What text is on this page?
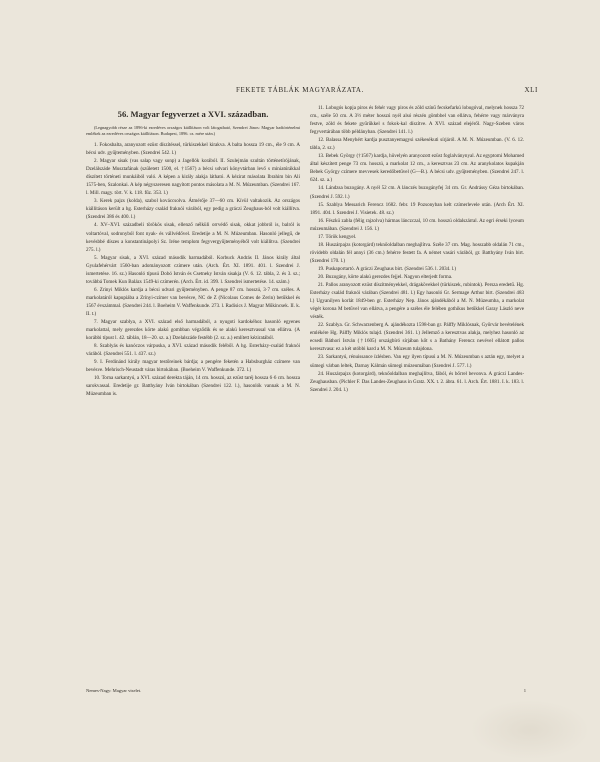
FEKETE TÁBLÁK MAGYARÁZATA.	XLI
56. Magyar fegyverzet a XVI. században.

(Legnagyobb része az 1896-ki ezredéves országos kiállításon volt látogatható, Szendrei János: Magyar hadtörténelmi emlékek az ezredéves országos kiállításon. Budapest, 1896. cz. mére után.)

1. Fokosbalta, aranyozott ezüst díszítéssel, türkiszekkel kirakva. A balta hossza 19 cm., éle 9 cm. A bécsi udv. gyűjteményben. (Szendrei 542. l.)

2. Magyar sisak (vas salap vagy sonp) a Jagellók korából. II. Szulejmán szultán történetírójának, Dzelálszáde Musztafának (született 1500, el. †1567) a bécsi udvari könyvtárban levő s miniatúrákkal díszített történeti munkáiból való. A képen a király alakja látható. A kézirat másolata Ibrahim bin Ali 1575-ben, Szalonkai. A kép négyszeresen nagyított pontos másolata a M. N. Múzeumban. (Szendrei 167. l. Mill. magy. tört. V. k. 118. fűz. 353. l.)

3. Kerek pajzs (kolda), szabol kováccsolva. Átmérője 37—60 cm. Kívül valtakozik. Az országos kiállításon került a hg. Esterházy család fraknói várából, egy pedig a gráczi Zeughaus-ból volt kiállítva. (Szendrei 386 és 400. l.)

4. XV–XVI. századbeli törökös sisak, ellenző nélküli orrvédő sisak, okkat jobbról is, balról is voltartóval, sodronyból font nyak- és vállvédővel. Eredetije a M. N. Múzeumban. Hasonló jellegű, de kevésbbé díszes a konstantinápolyi Sz. Iréne templom fegyvergyűjteményéből volt kiállítva. (Szendrei 275. l.)

5. Magyar sisak, a XVI. század második harmadából. Korbuck András II. János király által Gyulafehérvárt 1560-ban adományozott czímere után. (Arch. Ért. XI. 1891. 401. l. Szendrei J. ismertetése. 16. sz.) Hasonló típusú Dobó István és Csetneky István sisakja (V. 6. 12. tábla, 2. és 3. sz.; továbbá Tomek Kun Balázs 1549-ki czímerén. (Arch. Ért. id. 399. l. Szendrei ismertetése. 14. szám.)

6. Zrinyi Miklós kardja a bécsi udvari gyűjteményben. A penge 87 cm. hosszú, 3·7 cm. széles. A markolatáról kapupiába a Zrínyi-czímer van bevésve, NC de Z (Nicolaus Comes de Zerin) betűkkel és 1567 évszámmal. (Szendrei 244. l. Boeheim V. Waffenkunde. 273. l. Radisics J. Magyar Műkincsek. II. k. II. t.)

7. Magyar szablya, a XVI. század első harmadából, a nyugoti kardokéhoz hasonló egyenes markolattal, mely gerezdes körte alakú gombban végződik és se alakú keresztvassal van ellátva. (A korábbi típust l. 42. táblán, 18—20. sz. a.) Dzelalszáde festébb (2. sz. a.) említett kéziratából.

8. Szablyás és kanóczos várpuska, a XVI. század második feléből. A hg. Esterházy-család fraknói várából. (Szendrei 551. l. 437. sz.)

9. I. Ferdinánd király magyar testőreinek bárdja; a pengére feketén a Habsburgház czímere van bevésve. Mehrisch-Neustadt váras birtokában. (Boeheim V. Waffenkunde. 372. l.)

10. Torna sarkantyú, a XVI. század derekta táján, 14 cm. hosszú, az ezüst taréj hossza 6·6 cm. hossza sarokvassal. Eredetije gr. Batthyány Iván birtokában (Szendrei 122. l.), hasonlók vannak a M. N. Múzeumban is.

11. Lobogós kopja piros és fehér vagy piros és zöld színű fecskefarkú lobogóval, melynek hossza 72 cm., széle 50 cm. A 3½ méter hosszú nyél alsó részén gömbbel van ellátva, fehérre vagy márványra festve, zöld és fekete gyűrűkkel s fokok-kal díszítve. A XVI. század elejéről. Nagy-Szeben város fegyvertárában több példányban. (Szendrei 141. l.)

12. Balassa Menyhért kardja pusztanyemagysi székesékuti sírjáról. A M. N. Múzeumban. (V. 6. 12. tábla, 2. sz.)

13. Bebek György (†1567) kardja, hüvelyén aranyozott ezüst foglalványnyal. Az egyptomi Mohamed által készített penge 73 cm. hosszú, a markolat 12 cm., a keresztvas 23 cm. Az aranykolatos kupakján Bebek György czímere mevvesek keredőbetűvel (G—B.). A bécsi udv. gyűjteményben. (Szendrei 247. l. 624. sz. a.)

14. Lándzsa buzogány. A nyél 52 cm. A lánczés buzogányfej 34 cm. Gr. Andrássy Géza birtokában. (Szendrei J. 592. l.)

15. Szablya Messarich Ferencz 1682. febr. 19 Pozsonyban kelt czímerlevele után. (Arch Ért. XI. 1891. 404. l. Szendrei J. Visietek. 48. sz.)

16. Fészkü zabla (félig rajzolva) hármas lánczczal, 10 cm. hosszú oldalszárral. Az egri érseki lyceum múzeumában. (Szendrei J. 156. l.)

17. Török kengyel.

18. Huszárpajzs (kotorgárd) teknőoldalban meghajlítva. Széle 37 cm. Mag. hosszabb oldalán 71 cm., rövidebb oldalán fél annyi (36 cm.) fehérre festett fa. A német vasári várából, gr. Batthyány Iván birt. (Szendrei 170. l.)

19. Puskaportartó. A gráczi Zeughaus birt. (Szendrei 536. l. 2034. l.)

20. Buzogány, körte alakú gerezdes fejjel. Nagyon elterjedt forma.

21. Pallos aranyozott ezüst díszítményekkel, drágakövekkel (türkiszek, rubintok). Persza eredetű. Hg. Esterházy család fraknói várában (Szendrei 481. l.) Egy hasonló Gr. Sermage Arthur birt. (Szendrei 483 l.) Ugyanilyen korlát 1849-ben gr. Esterházy Nep. János ajándékából a M. N. Múzeumba, a markolat végét korona M betűvel van ellátva, a pengére a széles éle felében gothikus betűkkel Garay László neve vésték.

22. Szablya. Gr. Schwarzenberg A. ajándékozta 1598-ban gr. Pálffy Miklósnak, Győrvár bevételének emlékére Hg. Pálffy Miklós tulajd. (Szendrei 361. l.) Jellemző a keresztvas alakja, melyhez hasonló az ecsedi Báthori István (†1605) országbíró sírjában kőt s a Bathány Ferencz nevével ellátott pallos keresztvasa: ez a két utóbbi kard a M. N. Múzeum tulajdona.

23. Sarkantyú, rénuissance ízlésben. Van egy ilyen típusú a M. N. Múzeumban s aztán egy, melyet a sümegi várban leltek, Darnay Kálmán sümegi múzeumában (Szendrei J. 577. l.)

24. Huszárpajzs (kotorgárd), teknőoldalban meghajlítva, fából, és bőrrel bevonva. A gráczi Landes-Zeughausban. (Pichler F. Das Landes-Zeughaus in Gratz. XX. t. 2. ábra. 61. l. Arch. Ért. 1881. I. k. 183. l. Szendrei J. 204. l.)

Nemes-Nagy: Magyar viselet.	1
